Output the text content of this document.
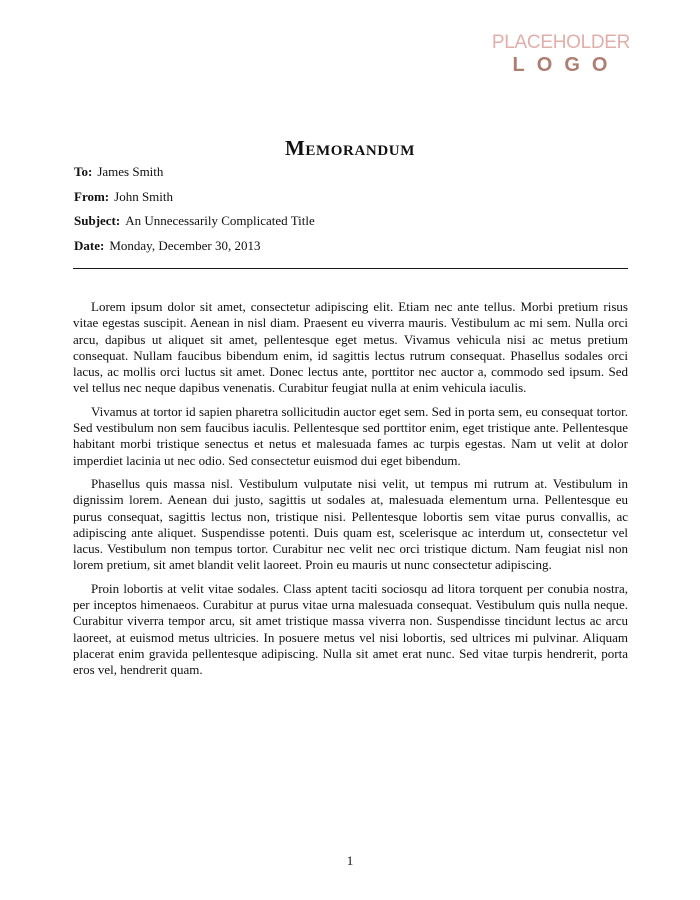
PLACEHOLDER
LOGO
Memorandum
To: James Smith
From: John Smith
Subject: An Unnecessarily Complicated Title
Date: Monday, December 30, 2013

Lorem ipsum dolor sit amet, consectetur adipiscing elit. Etiam nec ante tellus. Morbi pretium risus vitae egestas suscipit. Aenean in nisl diam. Praesent eu viverra mauris. Vestibulum ac mi sem. Nulla orci arcu, dapibus ut aliquet sit amet, pellentesque eget metus. Vivamus vehicula nisi ac metus pretium consequat. Nullam faucibus bibendum enim, id sagittis lectus rutrum consequat. Phasellus sodales orci lacus, ac mollis orci luctus sit amet. Donec lectus ante, porttitor nec auctor a, commodo sed ipsum. Sed vel tellus nec neque dapibus venenatis. Curabitur feugiat nulla at enim vehicula iaculis.

Vivamus at tortor id sapien pharetra sollicitudin auctor eget sem. Sed in porta sem, eu consequat tortor. Sed vestibulum non sem faucibus iaculis. Pellentesque sed porttitor enim, eget tristique ante. Pellentesque habitant morbi tristique senectus et netus et malesuada fames ac turpis egestas. Nam ut velit at dolor imperdiet lacinia ut nec odio. Sed consectetur euismod dui eget bibendum.

Phasellus quis massa nisl. Vestibulum vulputate nisi velit, ut tempus mi rutrum at. Vestibulum in dignissim lorem. Aenean dui justo, sagittis ut sodales at, malesuada elementum urna. Pellentesque eu purus consequat, sagittis lectus non, tristique nisi. Pellentesque lobortis sem vitae purus convallis, ac adipiscing ante aliquet. Suspendisse potenti. Duis quam est, scelerisque ac interdum ut, consectetur vel lacus. Vestibulum non tempus tortor. Curabitur nec velit nec orci tristique dictum. Nam feugiat nisl non lorem pretium, sit amet blandit velit laoreet. Proin eu mauris ut nunc consectetur adipiscing.

Proin lobortis at velit vitae sodales. Class aptent taciti sociosqu ad litora torquent per conubia nostra, per inceptos himenaeos. Curabitur at purus vitae urna malesuada consequat. Vestibulum quis nulla neque. Curabitur viverra tempor arcu, sit amet tristique massa viverra non. Suspendisse tincidunt lectus ac arcu laoreet, at euismod metus ultricies. In posuere metus vel nisi lobortis, sed ultrices mi pulvinar. Aliquam placerat enim gravida pellentesque adipiscing. Nulla sit amet erat nunc. Sed vitae turpis hendrerit, porta eros vel, hendrerit quam.

1
